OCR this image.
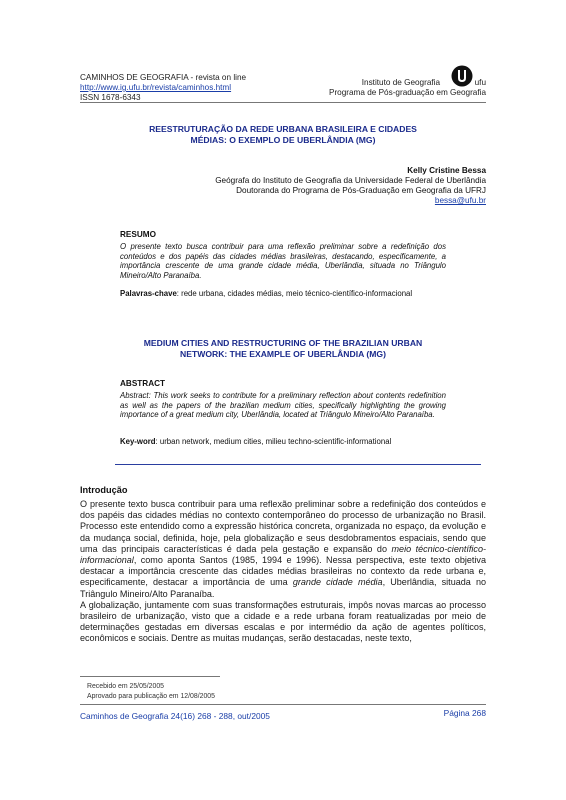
CAMINHOS DE GEOGRAFIA - revista on line
http://www.ig.ufu.br/revista/caminhos.html
ISSN 1678-6343
Instituto de Geografia	ufu
Programa de Pós-graduação em Geografia
REESTRUTURAÇÃO DA REDE URBANA BRASILEIRA E CIDADES
MÉDIAS: O EXEMPLO DE UBERLÂNDIA (MG)
Kelly Cristine Bessa
Geógrafa do Instituto de Geografia da Universidade Federal de Uberlândia
Doutoranda do Programa de Pós-Graduação em Geografia da UFRJ
bessa@ufu.br
RESUMO
O presente texto busca contribuir para uma reflexão preliminar sobre a redefinição dos conteúdos e dos papéis das cidades médias brasileiras, destacando, especificamente, a importância crescente de uma grande cidade média, Uberlândia, situada no Triângulo Mineiro/Alto Paranaíba.
Palavras-chave: rede urbana, cidades médias, meio técnico-científico-informacional
MEDIUM CITIES AND RESTRUCTURING OF THE BRAZILIAN URBAN
NETWORK: THE EXAMPLE OF UBERLÂNDIA (MG)
ABSTRACT
Abstract: This work seeks to contribute for a preliminary reflection about contents redefinition as well as the papers of the brazilian medium cities, specifically highlighting the growing importance of a great medium city, Uberlândia, located at Triângulo Mineiro/Alto Paranaíba.
Key-word: urban network, medium cities, milieu techno-scientific-informational
Introdução
O presente texto busca contribuir para uma reflexão preliminar sobre a redefinição dos conteúdos e dos papéis das cidades médias no contexto contemporâneo do processo de urbanização no Brasil. Processo este entendido como a expressão histórica concreta, organizada no espaço, da evolução e da mudança social, definida, hoje, pela globalização e seus desdobramentos espaciais, sendo que uma das principais características é dada pela gestação e expansão do meio técnico-científico-informacional, como aponta Santos (1985, 1994 e 1996). Nessa perspectiva, este texto objetiva destacar a importância crescente das cidades médias brasileiras no contexto da rede urbana e, especificamente, destacar a importância de uma grande cidade média, Uberlândia, situada no Triângulo Mineiro/Alto Paranaíba.
A globalização, juntamente com suas transformações estruturais, impôs novas marcas ao processo brasileiro de urbanização, visto que a cidade e a rede urbana foram reatualizadas por meio de determinações gestadas em diversas escalas e por intermédio da ação de agentes políticos, econômicos e sociais. Dentre as muitas mudanças, serão destacadas, neste texto,
Recebido em 25/05/2005
Aprovado para publicação em 12/08/2005
Caminhos de Geografia 24(16) 268 - 288, out/2005	Página 268
